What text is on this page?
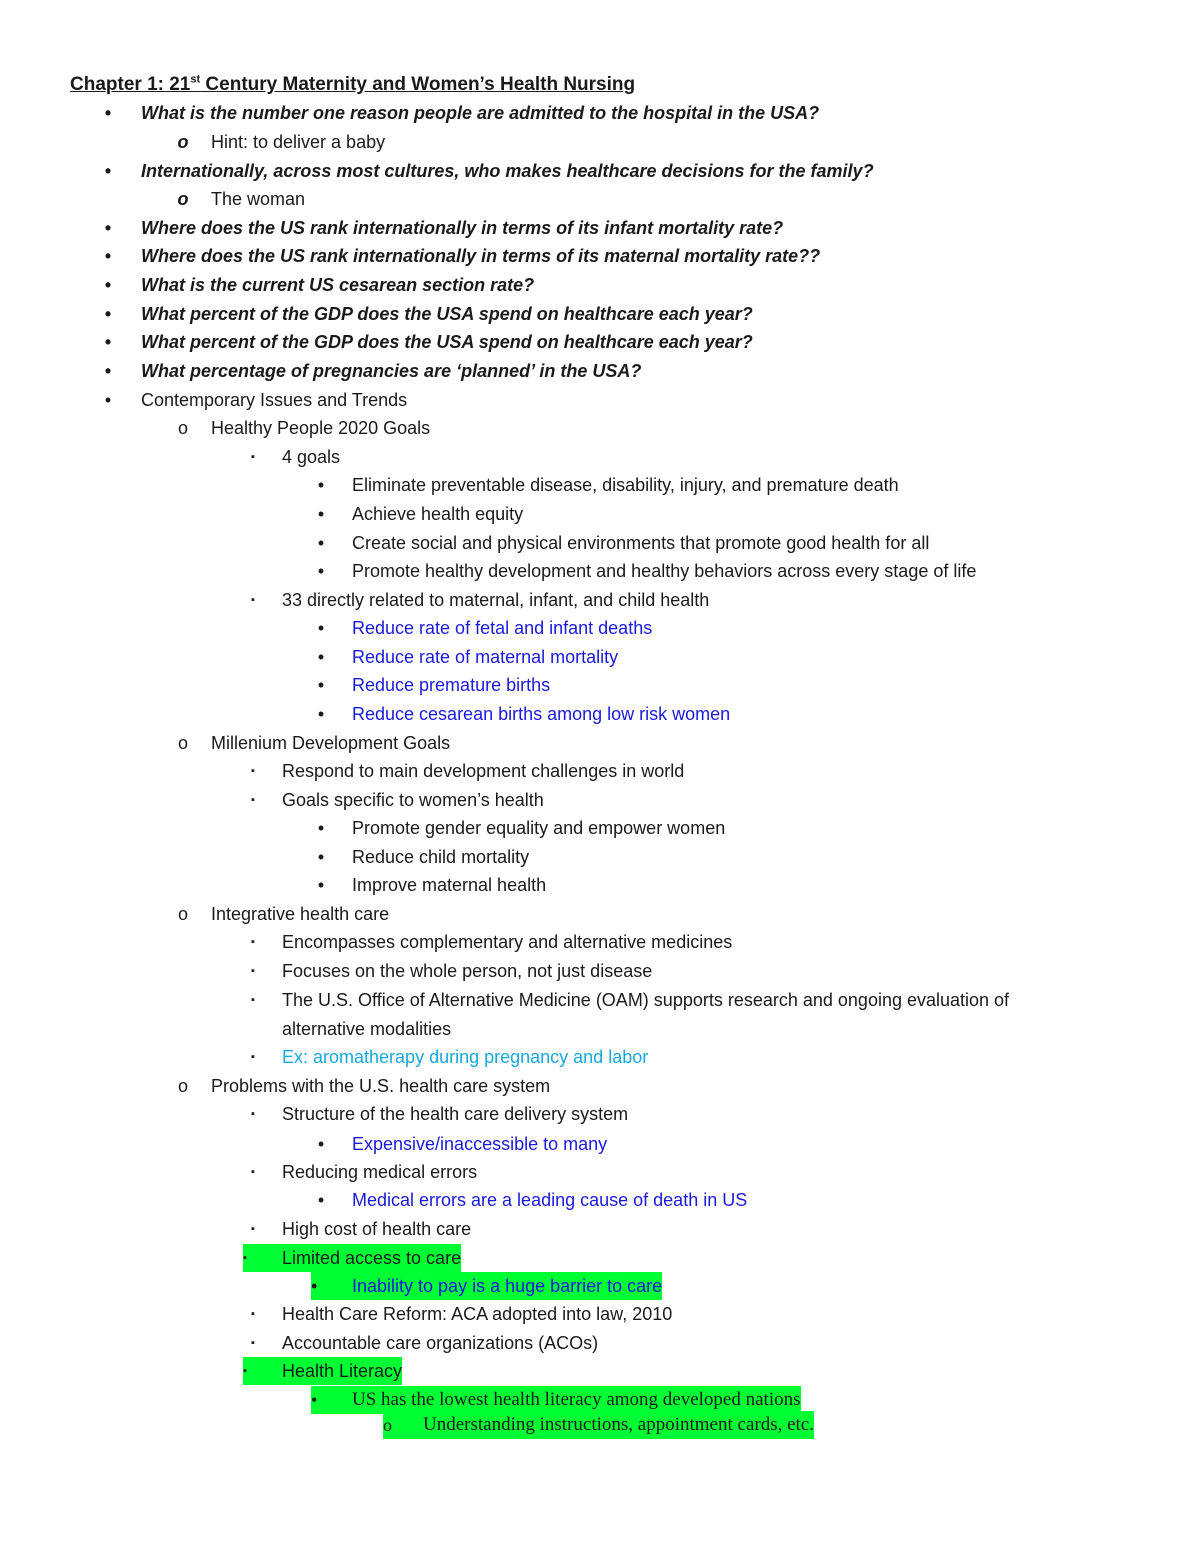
Chapter 1: 21st Century Maternity and Women’s Health Nursing
•	What is the number one reason people are admitted to the hospital in the USA?
o Hint: to deliver a baby
•	Internationally, across most cultures, who makes healthcare decisions for the family?
o The woman
•	Where does the US rank internationally in terms of its infant mortality rate?
•	Where does the US rank internationally in terms of its maternal mortality rate??
•	What is the current US cesarean section rate?
•	What percent of the GDP does the USA spend on healthcare each year?
•	What percent of the GDP does the USA spend on healthcare each year?
•	What percentage of pregnancies are ‘planned’ in the USA?
•	Contemporary Issues and Trends
o Healthy People 2020 Goals
▪	4 goals
•	Eliminate preventable disease, disability, injury, and premature death
•	Achieve health equity
•	Create social and physical environments that promote good health for all
•	Promote healthy development and healthy behaviors across every stage of life
▪	33 directly related to maternal, infant, and child health
•	Reduce rate of fetal and infant deaths
•	Reduce rate of maternal mortality
•	Reduce premature births
•	Reduce cesarean births among low risk women
o Millenium Development Goals
▪	Respond to main development challenges in world
▪	Goals specific to women’s health
•	Promote gender equality and empower women
•	Reduce child mortality
•	Improve maternal health
o Integrative health care
▪	Encompasses complementary and alternative medicines
▪	Focuses on the whole person, not just disease
▪	The U.S. Office of Alternative Medicine (OAM) supports research and ongoing evaluation of
alternative modalities
▪	Ex: aromatherapy during pregnancy and labor
o Problems with the U.S. health care system
▪	Structure of the health care delivery system
•	Expensive/inaccessible to many
▪	Reducing medical errors
•	Medical errors are a leading cause of death in US
▪	High cost of health care
▪	Limited access to care
•	Inability to pay is a huge barrier to care
▪	Health Care Reform: ACA adopted into law, 2010
▪	Accountable care organizations (ACOs)
▪	Health Literacy
•	US has the lowest health literacy among developed nations
o	Understanding instructions, appointment cards, etc.
